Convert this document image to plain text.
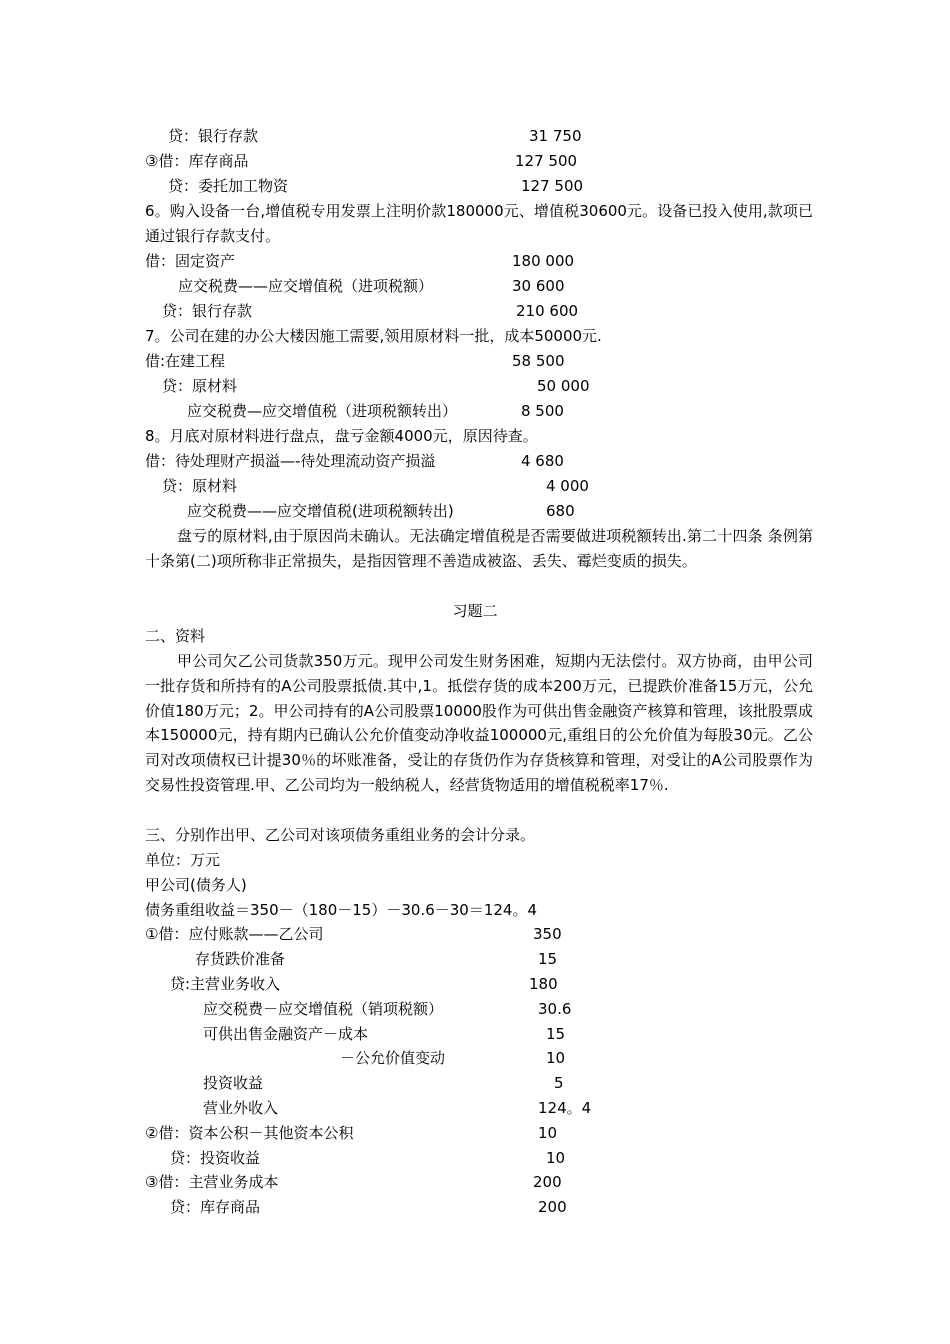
贷：银行存款	31 750
③借：库存商品	127 500
贷：委托加工物资	127 500
6。购入设备一台,增值税专用发票上注明价款180000元、增值税30600元。设备已投入使用,款项已通过银行存款支付。
借：固定资产	180 000
应交税费——应交增值税（进项税额）	30 600
贷：银行存款	210 600
7。公司在建的办公大楼因施工需要,领用原材料一批，成本50000元.
借:在建工程	58 500
贷：原材料	50 000
应交税费—应交增值税（进项税额转出）	8 500
8。月底对原材料进行盘点，盘亏金额4000元，原因待查。
借：待处理财产损溢—-待处理流动资产损溢	4 680
贷：原材料	4 000
应交税费——应交增值税(进项税额转出)	680
盘亏的原材料,由于原因尚未确认。无法确定增值税是否需要做进项税额转出.第二十四条 条例第十条第(二)项所称非正常损失，是指因管理不善造成被盗、丢失、霉烂变质的损失。
习题二
二、资料
甲公司欠乙公司货款350万元。现甲公司发生财务困难，短期内无法偿付。双方协商，由甲公司一批存货和所持有的A公司股票抵债.其中,1。抵偿存货的成本200万元，已提跌价准备15万元，公允价值180万元；2。甲公司持有的A公司股票10000股作为可供出售金融资产核算和管理，该批股票成本150000元，持有期内已确认公允价值变动净收益100000元,重组日的公允价值为每股30元。乙公司对改项债权已计提30％的坏账准备，受让的存货仍作为存货核算和管理，对受让的A公司股票作为交易性投资管理.甲、乙公司均为一般纳税人，经营货物适用的增值税税率17％.
三、分别作出甲、乙公司对该项债务重组业务的会计分录。
单位：万元
甲公司(债务人)
债务重组收益＝350－（180－15）－30.6－30＝124。4
①借：应付账款——乙公司	350
存货跌价准备	15
贷:主营业务收入	180
应交税费－应交增值税（销项税额）	30.6
可供出售金融资产－成本	15
－公允价值变动	10
投资收益	5
营业外收入	124。4
②借：资本公积－其他资本公积	10
贷：投资收益	10
③借：主营业务成本	200
贷：库存商品	200
